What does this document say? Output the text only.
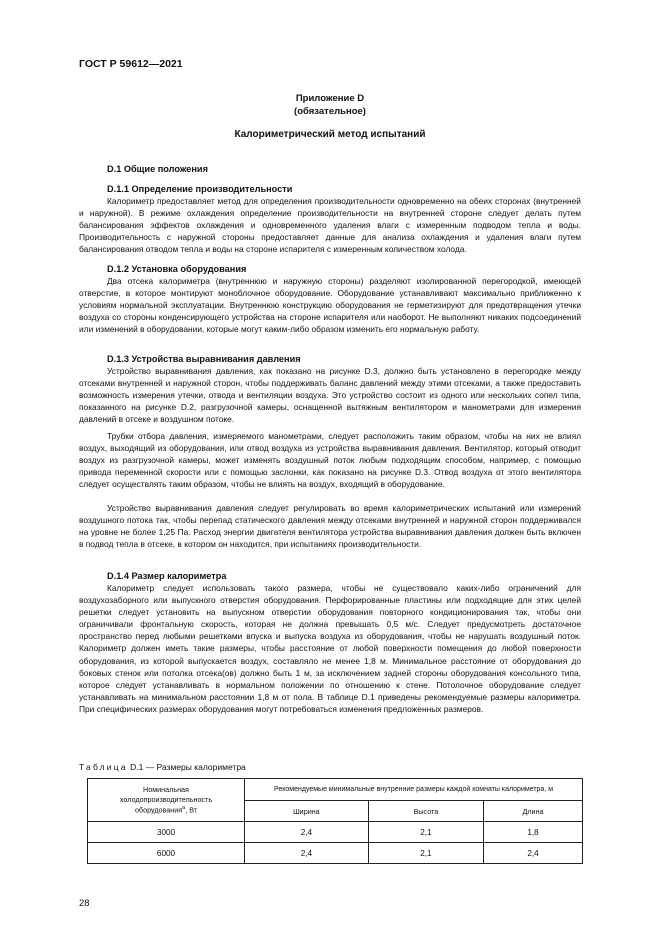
ГОСТ Р 59612—2021
Приложение D
(обязательное)
Калориметрический метод испытаний
D.1 Общие положения
D.1.1 Определение производительности

Калориметр предоставляет метод для определения производительности одновременно на обеих сторонах (внутренней и наружной). В режиме охлаждения определение производительности на внутренней стороне следует делать путем балансирования эффектов охлаждения и одновременного удаления влаги с измеренным подводом тепла и воды. Производительность с наружной стороны предоставляет данные для анализа охлаждения и удаления влаги путем балансирования отводом тепла и воды на стороне испарителя с измеренным количеством холода.

D.1.2 Установка оборудования

Два отсека калориметра (внутреннюю и наружную стороны) разделяют изолированной перегородкой, имеющей отверстие, в которое монтируют моноблочное оборудование. Оборудование устанавливают максимально приближенно к условиям нормальной эксплуатации. Внутреннюю конструкцию оборудования не герметизируют для предотвращения утечки воздуха со стороны конденсирующего устройства на стороне испарителя или наоборот. Не выполняют никаких подсоединений или изменений в оборудовании, которые могут каким-либо образом изменить его нормальную работу.

D.1.3 Устройства выравнивания давления

Устройство выравнивания давления, как показано на рисунке D.3, должно быть установлено в перегородке между отсеками внутренней и наружной сторон, чтобы поддерживать баланс давлений между этими отсеками, а также предоставить возможность измерения утечки, отвода и вентиляции воздуха. Это устройство состоит из одного или нескольких сопел типа, показанного на рисунке D.2, разгрузочной камеры, оснащенной вытяжным вентилятором и манометрами для измерения давлений в отсеке и воздушном потоке.

Трубки отбора давления, измеряемого манометрами, следует расположить таким образом, чтобы на них не влиял воздух, выходящий из оборудования, или отвод воздуха из устройства выравнивания давления. Вентилятор, который отводит воздух из разгрузочной камеры, может изменять воздушный поток любым подходящим способом, например, с помощью привода переменной скорости или с помощью заслонки, как показано на рисунке D.3. Отвод воздуха от этого вентилятора следует осуществлять таким образом, чтобы не влиять на воздух, входящий в оборудование.

Устройство выравнивания давления следует регулировать во время калориметрических испытаний или измерений воздушного потока так, чтобы перепад статического давления между отсеками внутренней и наружной сторон поддерживался на уровне не более 1,25 Па. Расход энергии двигателя вентилятора устройства выравнивания давления должен быть включен в подвод тепла в отсеке, в котором он находится, при испытаниях производительности.

D.1.4 Размер калориметра

Калориметр следует использовать такого размера, чтобы не существовало каких-либо ограничений для воздухозаборного или выпускного отверстия оборудования. Перфорированные пластины или подходящие для этих целей решетки следует установить на выпускном отверстии оборудования повторного кондиционирования так, чтобы они ограничивали фронтальную скорость, которая не должна превышать 0,5 м/с. Следует предусмотреть достаточное пространство перед любыми решетками впуска и выпуска воздуха из оборудования, чтобы не нарушать воздушный поток. Калориметр должен иметь такие размеры, чтобы расстояние от любой поверхности помещения до любой поверхности оборудования, из которой выпускается воздух, составляло не менее 1,8 м. Минимальное расстояние от оборудования до боковых стенок или потолка отсека(ов) должно быть 1 м, за исключением задней стороны оборудования консольного типа, которое следует устанавливать в нормальном положении по отношению к стене. Потолочное оборудование следует устанавливать на минимальном расстоянии 1,8 м от пола. В таблице D.1 приведены рекомендуемые размеры калориметра. При специфических размерах оборудования могут потребоваться изменения предложенных размеров.

Таблица D.1 — Размеры калориметра
Номинальная
холодопроизводительность
оборудования$^а$, Вт	Рекомендуемые минимальные внутренние размеры каждой комнаты калориметра, м		
	Ширина	Высота	Длина
3000	2,4	2,1	1,8
6000	2,4	2,1	2,4
28
